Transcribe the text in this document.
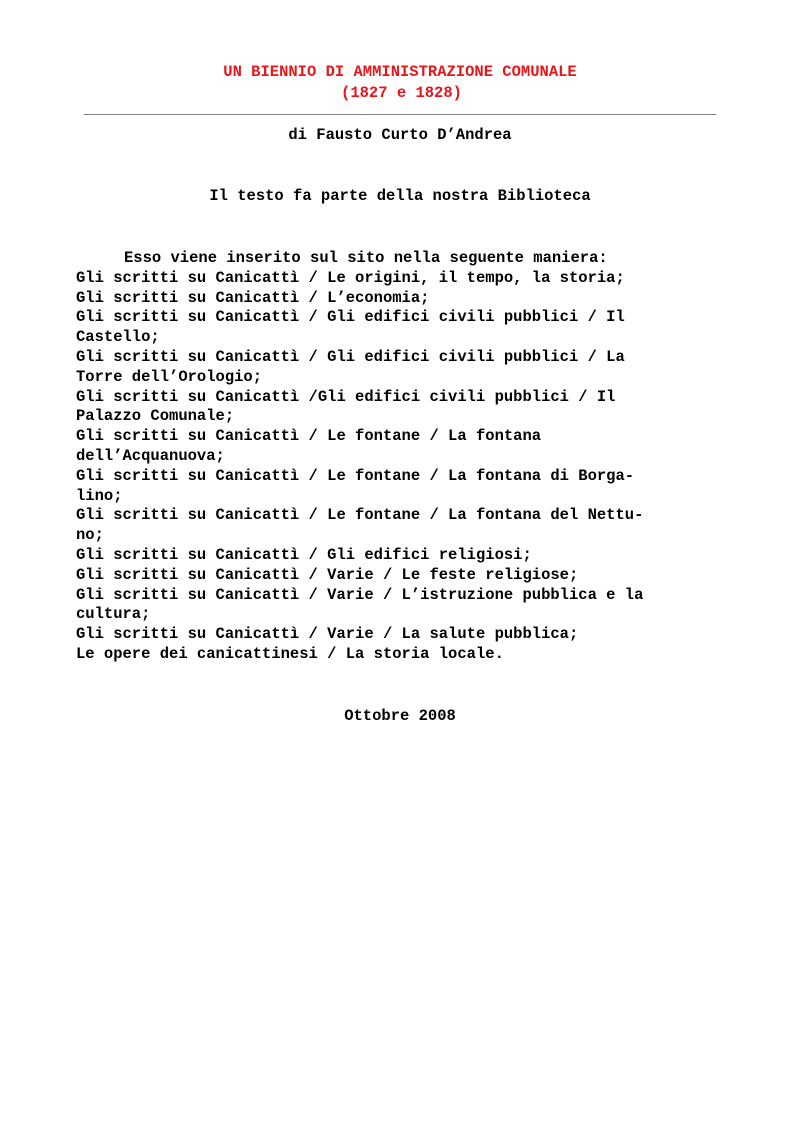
UN BIENNIO DI AMMINISTRAZIONE COMUNALE
(1827 e 1828)
di Fausto Curto D’Andrea
Il testo fa parte della nostra Biblioteca
Esso viene inserito sul sito nella seguente maniera:
Gli scritti su Canicattì / Le origini, il tempo, la storia;
Gli scritti su Canicattì / L’economia;
Gli scritti su Canicattì / Gli edifici civili pubblici / Il
Castello;
Gli scritti su Canicattì / Gli edifici civili pubblici / La
Torre dell’Orologio;
Gli scritti su Canicattì /Gli edifici civili pubblici / Il
Palazzo Comunale;
Gli scritti su Canicattì / Le fontane / La fontana
dell’Acquanuova;
Gli scritti su Canicattì / Le fontane / La fontana di Borga-
lino;
Gli scritti su Canicattì / Le fontane / La fontana del Nettu-
no;
Gli scritti su Canicattì / Gli edifici religiosi;
Gli scritti su Canicattì / Varie / Le feste religiose;
Gli scritti su Canicattì / Varie / L’istruzione pubblica e la
cultura;
Gli scritti su Canicattì / Varie / La salute pubblica;
Le opere dei canicattinesi / La storia locale.
Ottobre 2008
